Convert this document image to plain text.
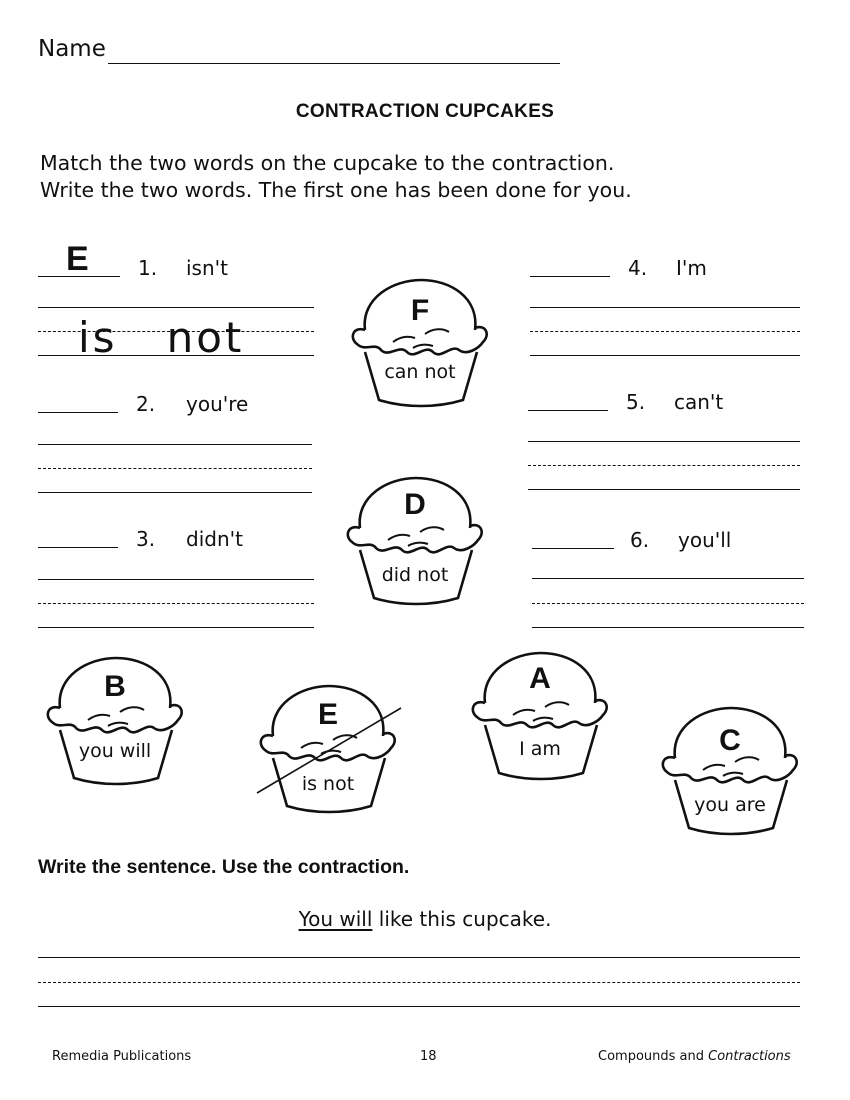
Name
CONTRACTION CUPCAKES
Match the two words on the cupcake to the contraction.
Write the two words. The first one has been done for you.
E 1. isn't
is   not
2. you're
3. didn't
4. I'm
5. can't
6. you'll
F
can not
D
did not
B
you will
E
is not
A
I am	C
you are
Write the sentence. Use the contraction.
You will like this cupcake.
Remedia Publications	18	Compounds and Contractions
